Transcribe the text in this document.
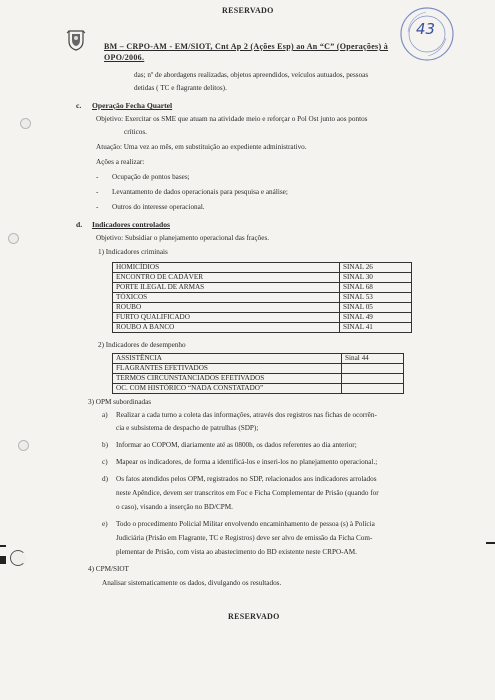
RESERVADO
BM – CRPO-AM - EM/SIOT, Cnt Ap 2 (Ações Esp) ao An “C” (Operações) à
OPO/2006.
43
das; nº de abordagens realizadas, objetos apreendidos, veículos autuados, pessoas
detidas ( TC e flagrante delitos).
c. Operação Fecha Quartel
Objetivo: Exercitar os SME que atuam na atividade meio e reforçar o Pol Ost junto aos pontos
críticos.
Atuação: Uma vez ao mês, em substituição ao expediente administrativo.
Ações a realizar:
- Ocupação de pontos bases;
- Levantamento de dados operacionais para pesquisa e análise;
- Outros do interesse operacional.
d. Indicadores controlados
Objetivo: Subsidiar o planejamento operacional das frações.
1) Indicadores criminais
HOMICÍDIOS	SINAL 26
ENCONTRO DE CADÁVER	SINAL 30
PORTE ILEGAL DE ARMAS	SINAL 68
TÓXICOS	SINAL 53
ROUBO	SINAL 05
FURTO QUALIFICADO	SINAL 49
ROUBO A BANCO	SINAL 41
2) Indicadores de desempenho
ASSISTÊNCIA	Sinal 44
FLAGRANTES EFETIVADOS	
TERMOS CIRCUNSTANCIADOS EFETIVADOS	
OC. COM HISTÓRICO “NADA CONSTATADO”	
3) OPM subordinadas
a) Realizar a cada turno a coleta das informações, através dos registros nas fichas de ocorrên-
cia e subsistema de despacho de patrulhas (SDP);
b) Informar ao COPOM, diariamente até as 0800h, os dados referentes ao dia anterior;
c) Mapear os indicadores, de forma a identificá-los e inseri-los no planejamento operacional.;
d) Os fatos atendidos pelos OPM, registrados no SDP, relacionados aos indicadores arrolados
neste Apêndice, devem ser transcritos em Foc e Ficha Complementar de Prisão (quando for
o caso), visando a inserção no BD/CPM.
e) Todo o procedimento Policial Militar envolvendo encaminhamento de pessoa (s) à Polícia
Judiciária (Prisão em Flagrante, TC e Registros) deve ser alvo de emissão da Ficha Com-
plementar de Prisão, com vista ao abastecimento do BD existente neste CRPO-AM.
4) CPM/SIOT
Analisar sistematicamente os dados, divulgando os resultados.
RESERVADO
